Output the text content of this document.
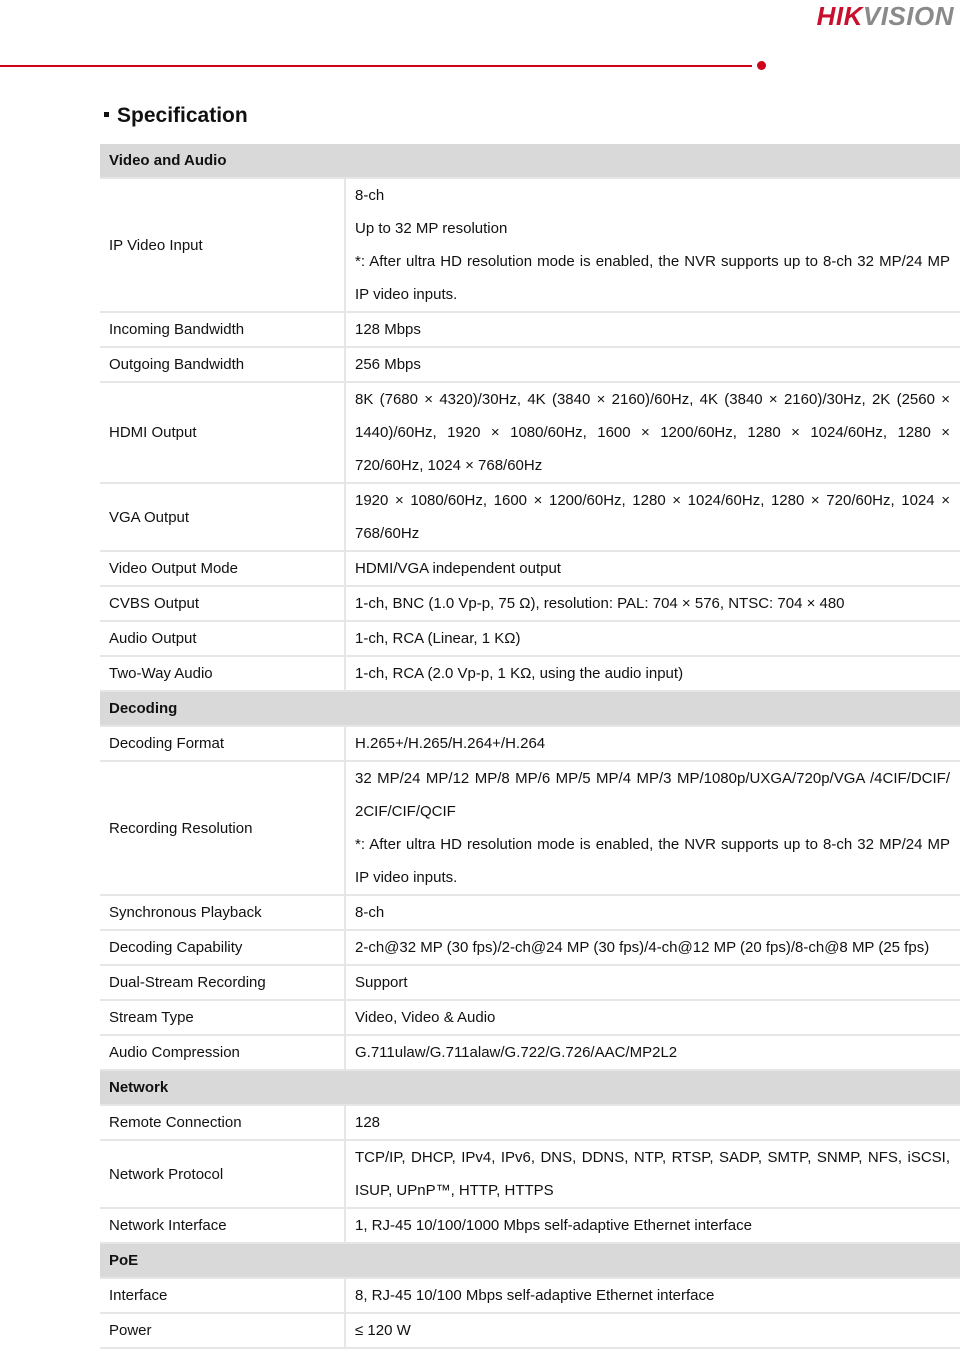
HIKVISION
Specification
Video and Audio	
IP Video Input	8-ch
Up to 32 MP resolution
*: After ultra HD resolution mode is enabled, the NVR supports up to 8-ch 32 MP/24 MP IP video inputs.

Incoming Bandwidth	128 Mbps

Outgoing Bandwidth	256 Mbps

HDMI Output	8K (7680 × 4320)/30Hz, 4K (3840 × 2160)/60Hz, 4K (3840 × 2160)/30Hz, 2K (2560 × 1440)/60Hz, 1920 × 1080/60Hz, 1600 × 1200/60Hz, 1280 × 1024/60Hz, 1280 × 720/60Hz, 1024 × 768/60Hz

VGA Output	1920 × 1080/60Hz, 1600 × 1200/60Hz, 1280 × 1024/60Hz, 1280 × 720/60Hz, 1024 × 768/60Hz

Video Output Mode	HDMI/VGA independent output

CVBS Output	1-ch, BNC (1.0 Vp-p, 75 Ω), resolution: PAL: 704 × 576, NTSC: 704 × 480

Audio Output	1-ch, RCA (Linear, 1 KΩ)

Two-Way Audio	1-ch, RCA (2.0 Vp-p, 1 KΩ, using the audio input)

Decoding	
Decoding Format	H.265+/H.265/H.264+/H.264

Recording Resolution	32 MP/24 MP/12 MP/8 MP/6 MP/5 MP/4 MP/3 MP/1080p/UXGA/720p/VGA /4CIF/DCIF/ 2CIF/CIF/QCIF
*: After ultra HD resolution mode is enabled, the NVR supports up to 8-ch 32 MP/24 MP IP video inputs.

Synchronous Playback	8-ch

Decoding Capability	2-ch@32 MP (30 fps)/2-ch@24 MP (30 fps)/4-ch@12 MP (20 fps)/8-ch@8 MP (25 fps)

Dual-Stream Recording	Support

Stream Type	Video, Video & Audio

Audio Compression	G.711ulaw/G.711alaw/G.722/G.726/AAC/MP2L2

Network	
Remote Connection	128

Network Protocol	TCP/IP, DHCP, IPv4, IPv6, DNS, DDNS, NTP, RTSP, SADP, SMTP, SNMP, NFS, iSCSI, ISUP, UPnP™, HTTP, HTTPS

Network Interface	1, RJ-45 10/100/1000 Mbps self-adaptive Ethernet interface

PoE	
Interface	8, RJ-45 10/100 Mbps self-adaptive Ethernet interface

Power	≤ 120 W
